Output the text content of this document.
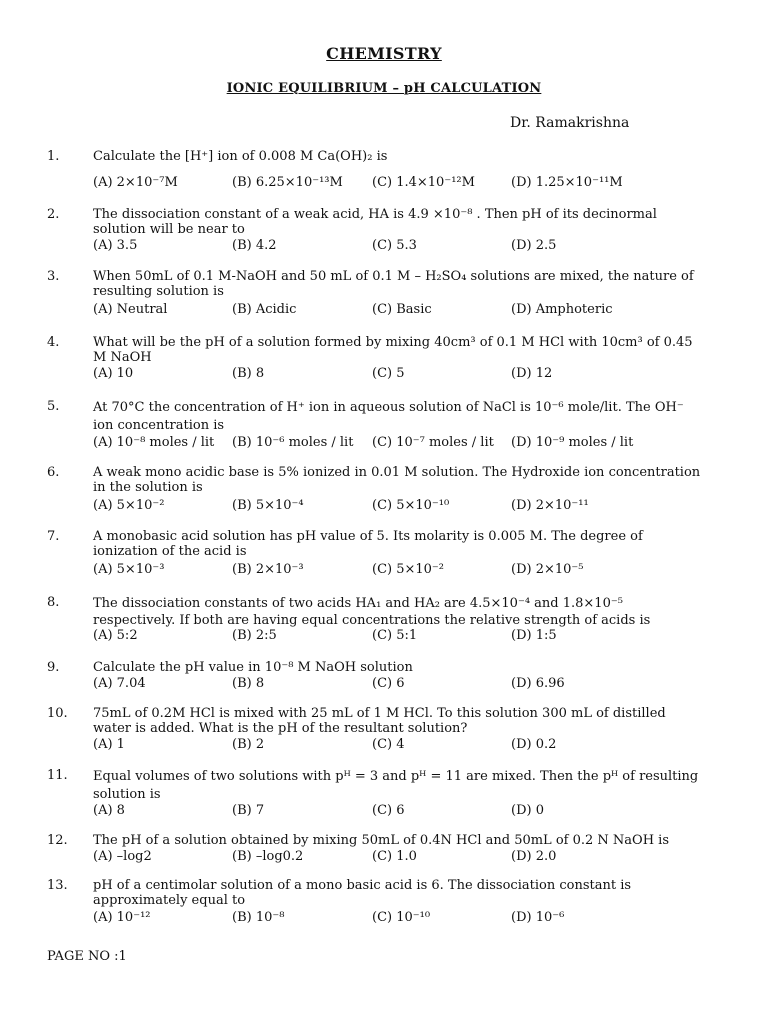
CHEMISTRY
IONIC EQUILIBRIUM – pH CALCULATION
Dr. Ramakrishna
1.	Calculate the [H⁺] ion of 0.008 M Ca(OH)₂ is
(A) 2×10⁻⁷M	(B) 6.25×10⁻¹³M (C) 1.4×10⁻¹²M	(D) 1.25×10⁻¹¹M
2.	The dissociation constant of a weak acid, HA is 4.9 ×10⁻⁸ . Then pH of its decinormal solution will be near to
(A) 3.5	(B) 4.2	(C) 5.3	(D) 2.5
3.	When 50mL of 0.1 M-NaOH and 50 mL of 0.1 M – H₂SO₄ solutions are mixed, the nature of resulting solution is
(A) Neutral	(B) Acidic	(C) Basic	(D) Amphoteric
4.	What will be the pH of a solution formed by mixing 40cm³ of 0.1 M HCl with 10cm³ of 0.45 M NaOH
(A) 10	(B) 8	(C) 5	(D) 12
5.	At 70°C the concentration of H⁺ ion in aqueous solution of NaCl is 10⁻⁶ mole/lit. The OH⁻ ion concentration is
(A) 10⁻⁸ moles / lit (B) 10⁻⁶ moles / lit (C) 10⁻⁷ moles / lit (D) 10⁻⁹ moles / lit
6.	A weak mono acidic base is 5% ionized in 0.01 M solution. The Hydroxide ion concentration in the solution is
(A) 5×10⁻²	(B) 5×10⁻⁴	(C) 5×10⁻¹⁰	(D) 2×10⁻¹¹
7.	A monobasic acid solution has pH value of 5. Its molarity is 0.005 M. The degree of ionization of the acid is
(A) 5×10⁻³	(B) 2×10⁻³	(C) 5×10⁻²	(D) 2×10⁻⁵
8.	The dissociation constants of two acids HA₁ and HA₂ are 4.5×10⁻⁴ and 1.8×10⁻⁵ respectively. If both are having equal concentrations the relative strength of acids is
(A) 5:2	(B) 2:5	(C) 5:1	(D) 1:5
9.	Calculate the pH value in 10⁻⁸ M NaOH solution
(A) 7.04	(B) 8	(C) 6	(D) 6.96
10. 75mL of 0.2M HCl is mixed with 25 mL of 1 M HCl. To this solution 300 mL of distilled water is added. What is the pH of the resultant solution?
(A) 1	(B) 2	(C) 4	(D) 0.2
11. Equal volumes of two solutions with pᴴ = 3 and pᴴ = 11 are mixed. Then the pᴴ of resulting solution is
(A) 8	(B) 7	(C) 6	(D) 0
12. The pH of a solution obtained by mixing 50mL of 0.4N HCl and 50mL of 0.2 N NaOH is
(A) –log2	(B) –log0.2	(C) 1.0	(D) 2.0
13. pH of a centimolar solution of a mono basic acid is 6. The dissociation constant is approximately equal to
(A) 10⁻¹²	(B) 10⁻⁸	(C) 10⁻¹⁰	(D) 10⁻⁶
PAGE NO :1
